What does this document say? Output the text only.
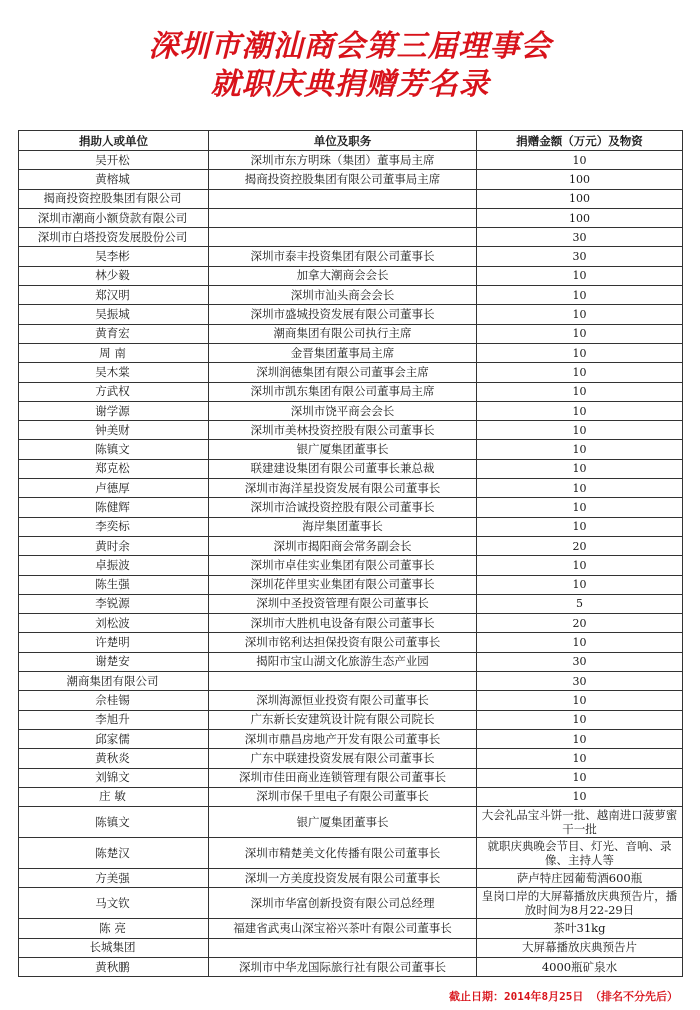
深圳市潮汕商会第三届理事会
就职庆典捐赠芳名录
捐助人或单位	单位及职务	捐赠金额（万元）及物资
吴开松	深圳市东方明珠（集团）董事局主席	10
黄榕城	揭商投资控股集团有限公司董事局主席	100
揭商投资控股集团有限公司		100
深圳市潮商小额贷款有限公司		100
深圳市白塔投资发展股份公司		30
吴李彬	深圳市泰丰投资集团有限公司董事长	30
林少毅	加拿大潮商会会长	10
郑汉明	深圳市汕头商会会长	10
吴振城	深圳市盛城投资发展有限公司董事长	10
黄育宏	潮商集团有限公司执行主席	10
周 南	金晋集团董事局主席	10
吴木棠	深圳润德集团有限公司董事会主席	10
方武权	深圳市凯东集团有限公司董事局主席	10
谢学源	深圳市饶平商会会长	10
钟美财	深圳市美林投资控股有限公司董事长	10
陈镇文	银广厦集团董事长	10
郑克松	联建建设集团有限公司董事长兼总裁	10
卢德厚	深圳市海洋星投资发展有限公司董事长	10
陈健辉	深圳市洽诚投资控股有限公司董事长	10
李奕标	海岸集团董事长	10
黄时余	深圳市揭阳商会常务副会长	20
卓振波	深圳市卓佳实业集团有限公司董事长	10
陈生强	深圳花伴里实业集团有限公司董事长	10
李锐源	深圳中圣投资管理有限公司董事长	5
刘松波	深圳市大胜机电设备有限公司董事长	20
许楚明	深圳市铭利达担保投资有限公司董事长	10
谢楚安	揭阳市宝山湖文化旅游生态产业园	30
潮商集团有限公司		30
佘桂锡	深圳海源恒业投资有限公司董事长	10
李旭升	广东新长安建筑设计院有限公司院长	10
邱家儒	深圳市鼎昌房地产开发有限公司董事长	10
黄秋炎	广东中联建投资发展有限公司董事长	10
刘锦文	深圳市佳田商业连锁管理有限公司董事长	10
庄 敏	深圳市保千里电子有限公司董事长	10
陈镇文	银广厦集团董事长	大会礼品宝斗饼一批、越南进口菠萝蜜干一批
陈楚汉	深圳市精楚美文化传播有限公司董事长	就职庆典晚会节目、灯光、音响、录像、主持人等
方美强	深圳一方美度投资发展有限公司董事长	萨卢特庄园葡萄酒600瓶
马文钦	深圳市华富创新投资有限公司总经理	皇岗口岸的大屏幕播放庆典预告片，播放时间为8月22-29日
陈 亮	福建省武夷山深宝裕兴茶叶有限公司董事长	茶叶31kg
长城集团		大屏幕播放庆典预告片
黄秋鹏	深圳市中华龙国际旅行社有限公司董事长	4000瓶矿泉水
截止日期：2014年8月25日 （排名不分先后）
